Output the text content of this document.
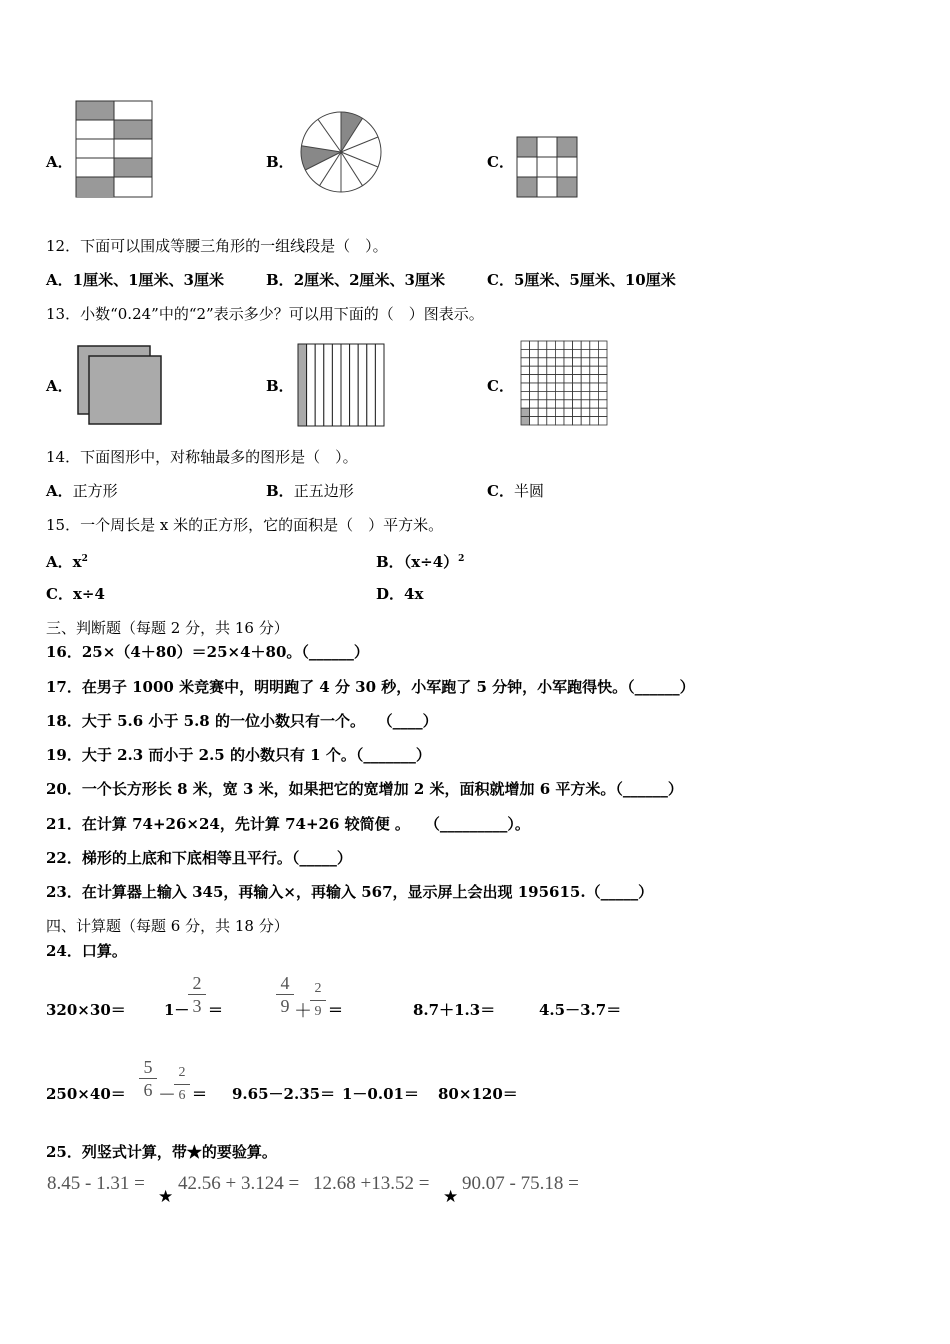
A．	B．	C．
12．下面可以围成等腰三角形的一组线段是（　）。
A．1厘米、1厘米、3厘米	B．2厘米、2厘米、3厘米	C．5厘米、5厘米、10厘米
13．小数“0.24”中的“2”表示多少？可以用下面的（　）图表示。
A．	B．	C．
14．下面图形中，对称轴最多的图形是（　）。
A．正方形	B．正五边形	C．半圆
15．一个周长是 x 米的正方形，它的面积是（　）平方米。
A．$x^2$	B．$(x\div 4)^2$
C．x÷4	D．4x
三、判断题（每题 2 分，共 16 分）
16．25×（4＋80）＝25×4＋80。（______）
17．在男子 1000 米竞赛中，明明跑了 4 分 30 秒，小军跑了 5 分钟，小军跑得快。（______）
18．大于 5.6 小于 5.8 的一位小数只有一个。　 （____）
19．大于 2.3 而小于 2.5 的小数只有 1 个。（_______）
20．一个长方形长 8 米，宽 3 米，如果把它的宽增加 2 米，面积就增加 6 平方米。（______）
21．在计算 74+26×24，先计算 74+26 较简便 。　　（_________）。
22．梯形的上底和下底相等且平行。（_____）
23．在计算器上输入 345，再输入×，再输入 567，显示屏上会出现 195615.（_____）
四、计算题（每题 6 分，共 18 分）
24．口算。
320×30＝	1－
2
3 ＝
4
9 ＋
2
9 ＝	8.7＋1.3＝	4.5－3.7＝
250×40＝
5
6 －
2
6 ＝ 9.65－2.35＝ 1－0.01＝ 80×120＝
25．列竖式计算，带★的要验算。
8.45 - 1.31 =
★
42.56 + 3.124 = 12.68 +13.52 =
★
90.07 - 75.18 =
